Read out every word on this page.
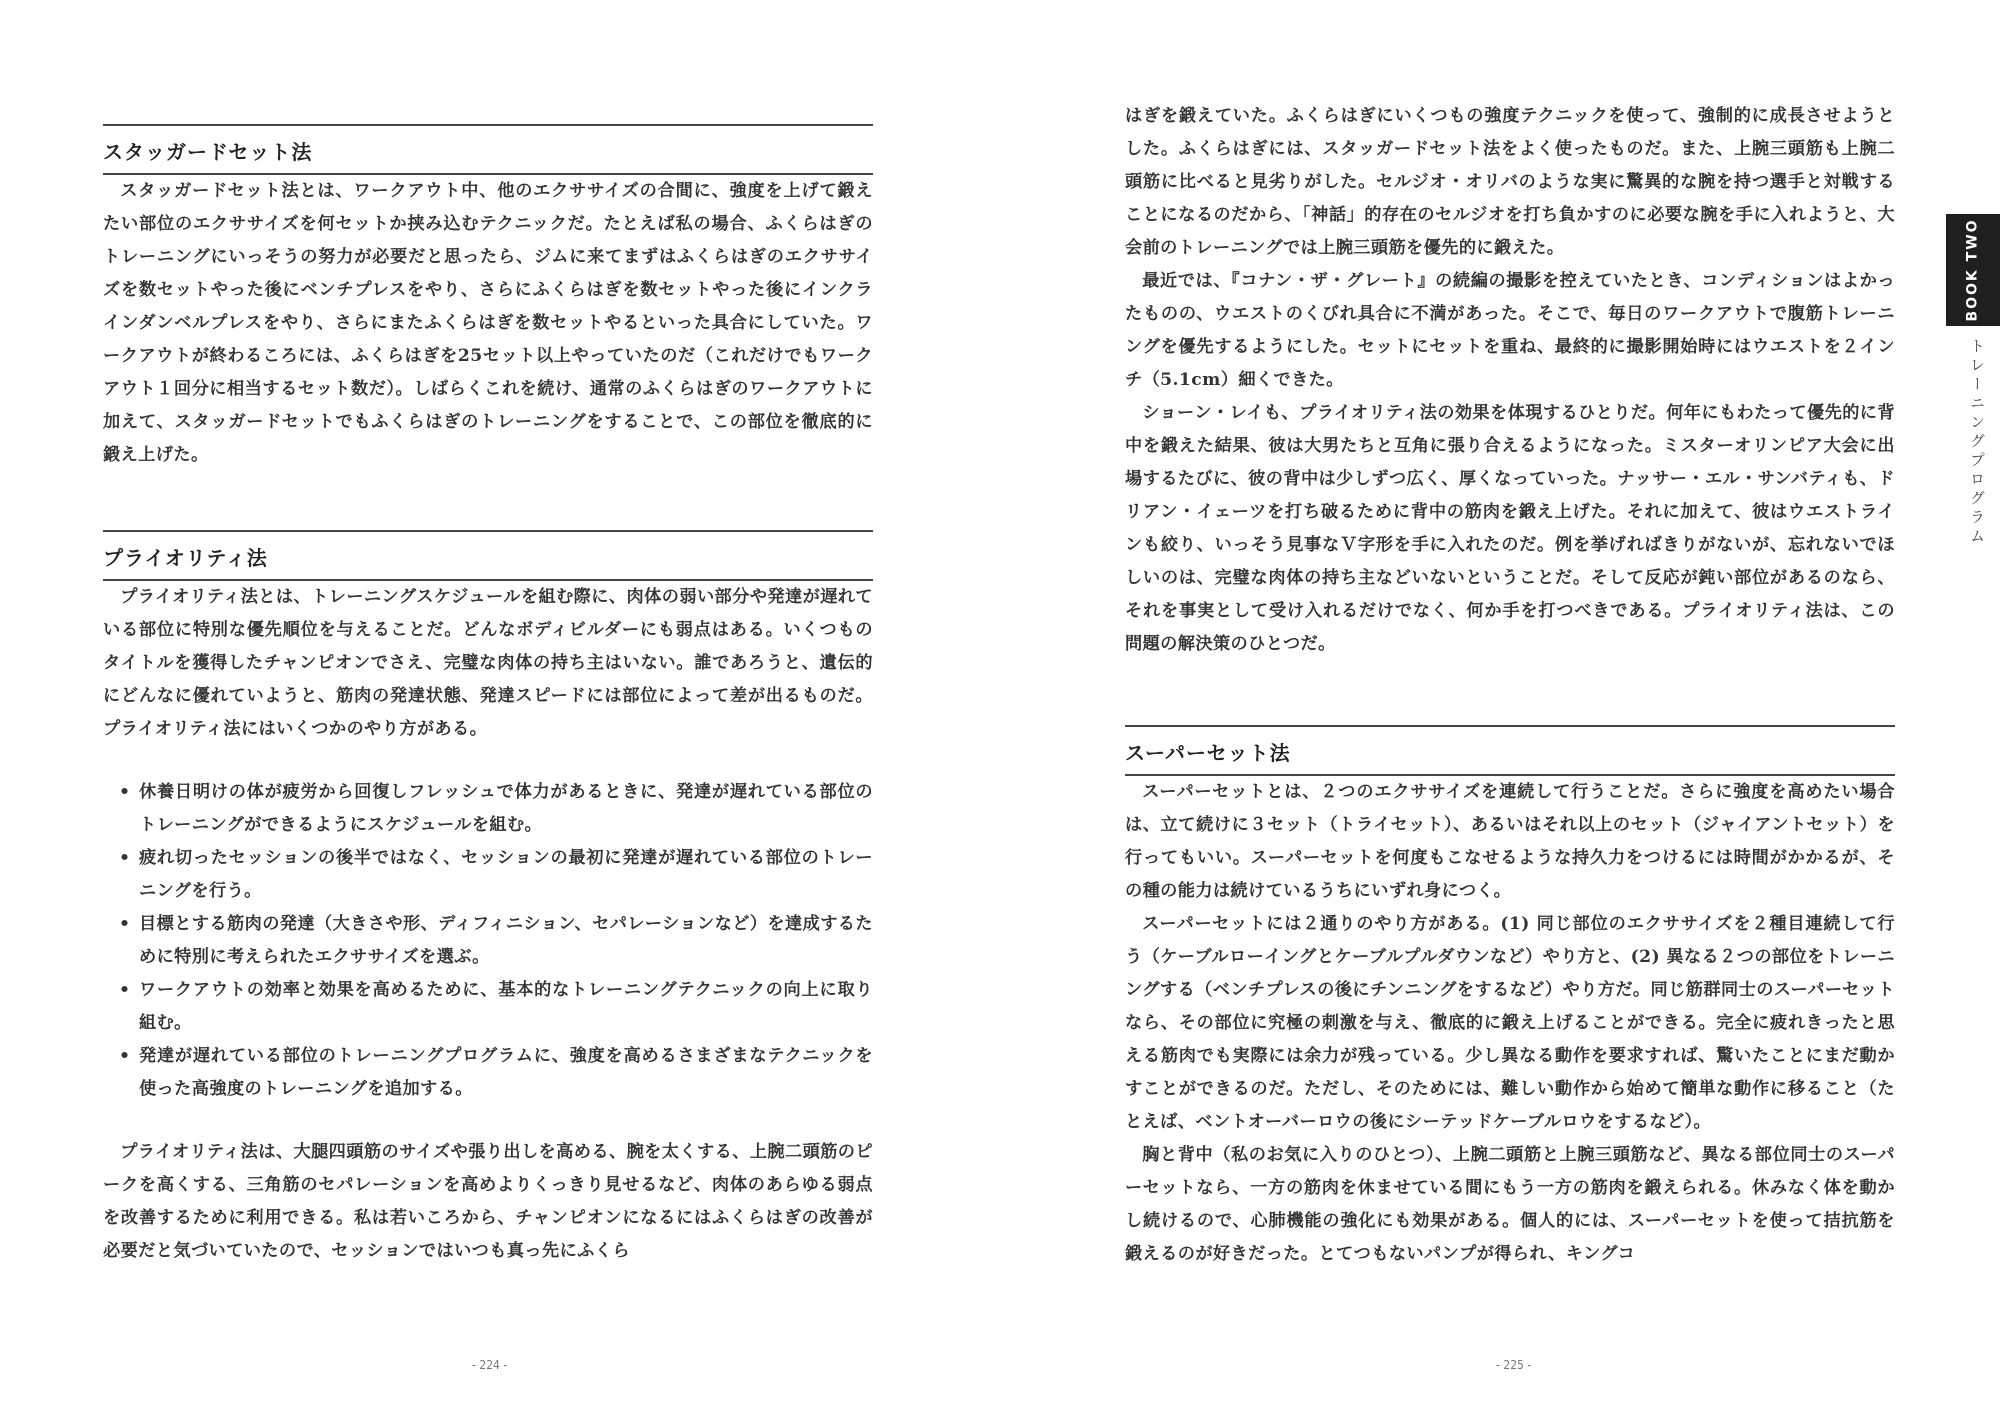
スタッガードセット法

スタッガードセット法とは、ワークアウト中、他のエクササイズの合間に、強度を上げて鍛えたい部位のエクササイズを何セットか挟み込むテクニックだ。たとえば私の場合、ふくらはぎのトレーニングにいっそうの努力が必要だと思ったら、ジムに来てまずはふくらはぎのエクササイズを数セットやった後にベンチプレスをやり、さらにふくらはぎを数セットやった後にインクラインダンベルプレスをやり、さらにまたふくらはぎを数セットやるといった具合にしていた。ワークアウトが終わるころには、ふくらはぎを25セット以上やっていたのだ（これだけでもワークアウト１回分に相当するセット数だ）。しばらくこれを続け、通常のふくらはぎのワークアウトに加えて、スタッガードセットでもふくらはぎのトレーニングをすることで、この部位を徹底的に鍛え上げた。

プライオリティ法

プライオリティ法とは、トレーニングスケジュールを組む際に、肉体の弱い部分や発達が遅れている部位に特別な優先順位を与えることだ。どんなボディビルダーにも弱点はある。いくつものタイトルを獲得したチャンピオンでさえ、完璧な肉体の持ち主はいない。誰であろうと、遺伝的にどんなに優れていようと、筋肉の発達状態、発達スピードには部位によって差が出るものだ。プライオリティ法にはいくつかのやり方がある。

• 休養日明けの体が疲労から回復しフレッシュで体力があるときに、発達が遅れている部位のトレーニングができるようにスケジュールを組む。
• 疲れ切ったセッションの後半ではなく、セッションの最初に発達が遅れている部位のトレーニングを行う。
• 目標とする筋肉の発達（大きさや形、ディフィニション、セパレーションなど）を達成するために特別に考えられたエクササイズを選ぶ。
• ワークアウトの効率と効果を高めるために、基本的なトレーニングテクニックの向上に取り組む。
• 発達が遅れている部位のトレーニングプログラムに、強度を高めるさまざまなテクニックを使った高強度のトレーニングを追加する。

プライオリティ法は、大腿四頭筋のサイズや張り出しを高める、腕を太くする、上腕二頭筋のピークを高くする、三角筋のセパレーションを高めよりくっきり見せるなど、肉体のあらゆる弱点を改善するために利用できる。私は若いころから、チャンピオンになるにはふくらはぎの改善が必要だと気づいていたので、セッションではいつも真っ先にふくら

- 224 -

はぎを鍛えていた。ふくらはぎにいくつもの強度テクニックを使って、強制的に成長させようとした。ふくらはぎには、スタッガードセット法をよく使ったものだ。また、上腕三頭筋も上腕二頭筋に比べると見劣りがした。セルジオ・オリバのような実に驚異的な腕を持つ選手と対戦することになるのだから、「神話」的存在のセルジオを打ち負かすのに必要な腕を手に入れようと、大会前のトレーニングでは上腕三頭筋を優先的に鍛えた。

最近では、『コナン・ザ・グレート』の続編の撮影を控えていたとき、コンディションはよかったものの、ウエストのくびれ具合に不満があった。そこで、毎日のワークアウトで腹筋トレーニングを優先するようにした。セットにセットを重ね、最終的に撮影開始時にはウエストを２インチ（5.1cm）細くできた。

ショーン・レイも、プライオリティ法の効果を体現するひとりだ。何年にもわたって優先的に背中を鍛えた結果、彼は大男たちと互角に張り合えるようになった。ミスターオリンピア大会に出場するたびに、彼の背中は少しずつ広く、厚くなっていった。ナッサー・エル・サンバティも、ドリアン・イェーツを打ち破るために背中の筋肉を鍛え上げた。それに加えて、彼はウエストラインも絞り、いっそう見事なＶ字形を手に入れたのだ。例を挙げればきりがないが、忘れないでほしいのは、完璧な肉体の持ち主などいないということだ。そして反応が鈍い部位があるのなら、それを事実として受け入れるだけでなく、何か手を打つべきである。プライオリティ法は、この問題の解決策のひとつだ。

スーパーセット法

スーパーセットとは、２つのエクササイズを連続して行うことだ。さらに強度を高めたい場合は、立て続けに３セット（トライセット）、あるいはそれ以上のセット（ジャイアントセット）を行ってもいい。スーパーセットを何度もこなせるような持久力をつけるには時間がかかるが、その種の能力は続けているうちにいずれ身につく。

スーパーセットには２通りのやり方がある。(1) 同じ部位のエクササイズを２種目連続して行う（ケーブルローイングとケーブルプルダウンなど）やり方と、(2) 異なる２つの部位をトレーニングする（ベンチプレスの後にチンニングをするなど）やり方だ。同じ筋群同士のスーパーセットなら、その部位に究極の刺激を与え、徹底的に鍛え上げることができる。完全に疲れきったと思える筋肉でも実際には余力が残っている。少し異なる動作を要求すれば、驚いたことにまだ動かすことができるのだ。ただし、そのためには、難しい動作から始めて簡単な動作に移ること（たとえば、ベントオーバーロウの後にシーテッドケーブルロウをするなど）。

胸と背中（私のお気に入りのひとつ）、上腕二頭筋と上腕三頭筋など、異なる部位同士のスーパーセットなら、一方の筋肉を休ませている間にもう一方の筋肉を鍛えられる。休みなく体を動かし続けるので、心肺機能の強化にも効果がある。個人的には、スーパーセットを使って拮抗筋を鍛えるのが好きだった。とてつもないパンプが得られ、キングコ

- 225 -
BOOK TWO
トレーニングプログラム
